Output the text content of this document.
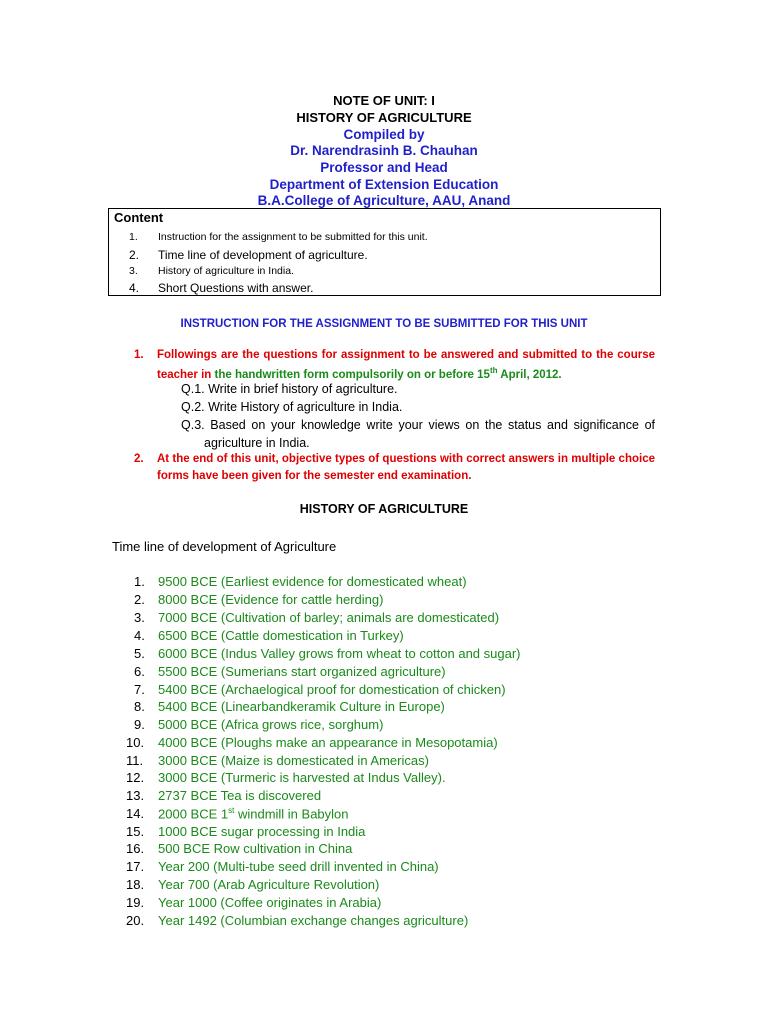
NOTE OF UNIT: I
HISTORY OF AGRICULTURE
Compiled by
Dr. Narendrasinh B. Chauhan
Professor and Head
Department of Extension Education
B.A.College of Agriculture, AAU, Anand
Content
1. Instruction for the assignment to be submitted for this unit.
2. Time line of development of agriculture.
3. History of agriculture in India.
4. Short Questions with answer.
INSTRUCTION FOR THE ASSIGNMENT TO BE SUBMITTED FOR THIS UNIT
1. Followings are the questions for assignment to be answered and submitted to the course
teacher in the handwritten form compulsorily on or before 15th April, 2012.
Q.1. Write in brief history of agriculture.
Q.2. Write History of agriculture in India.
Q.3. Based on your knowledge write your views on the status and significance of
agriculture in India.
2. At the end of this unit, objective types of questions with correct answers in multiple choice
forms have been given for the semester end examination.
HISTORY OF AGRICULTURE
Time line of development of Agriculture
1. 9500 BCE (Earliest evidence for domesticated wheat)
2. 8000 BCE (Evidence for cattle herding)
3. 7000 BCE (Cultivation of barley; animals are domesticated)
4. 6500 BCE (Cattle domestication in Turkey)
5. 6000 BCE (Indus Valley grows from wheat to cotton and sugar)
6. 5500 BCE (Sumerians start organized agriculture)
7. 5400 BCE (Archaelogical proof for domestication of chicken)
8. 5400 BCE (Linearbandkeramik Culture in Europe)
9. 5000 BCE (Africa grows rice, sorghum)
10. 4000 BCE (Ploughs make an appearance in Mesopotamia)
11. 3000 BCE (Maize is domesticated in Americas)
12. 3000 BCE (Turmeric is harvested at Indus Valley).
13. 2737 BCE Tea is discovered
14. 2000 BCE 1st windmill in Babylon
15. 1000 BCE sugar processing in India
16. 500 BCE Row cultivation in China
17. Year 200 (Multi-tube seed drill invented in China)
18. Year 700 (Arab Agriculture Revolution)
19. Year 1000 (Coffee originates in Arabia)
20. Year 1492 (Columbian exchange changes agriculture)
